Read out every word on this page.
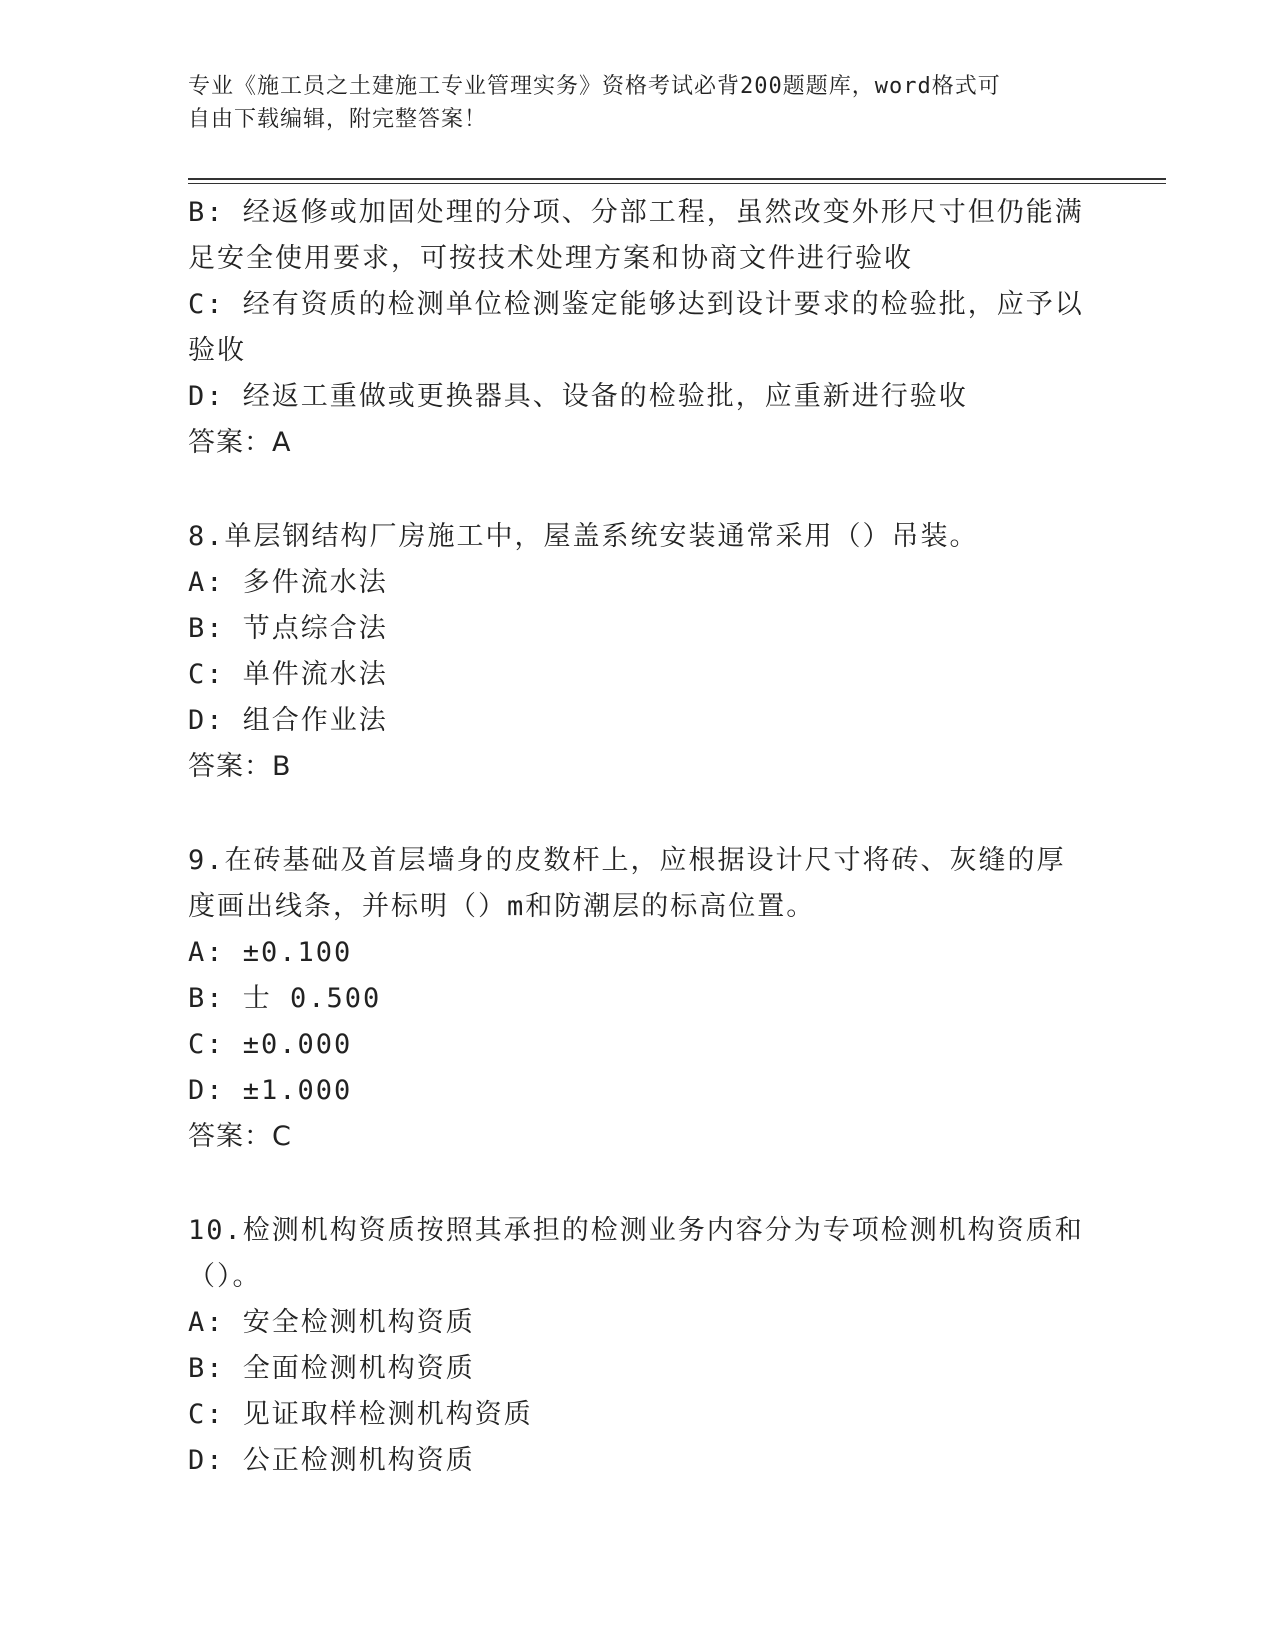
专业《施工员之土建施工专业管理实务》资格考试必背200题题库，word格式可
自由下载编辑，附完整答案！
B: 经返修或加固处理的分项、分部工程，虽然改变外形尺寸但仍能满
足安全使用要求，可按技术处理方案和协商文件进行验收
C: 经有资质的检测单位检测鉴定能够达到设计要求的检验批，应予以
验收
D: 经返工重做或更换器具、设备的检验批，应重新进行验收
答案：A
8.单层钢结构厂房施工中，屋盖系统安装通常采用（）吊装。
A: 多件流水法
B: 节点综合法
C: 单件流水法
D: 组合作业法
答案：B
9.在砖基础及首层墙身的皮数杆上，应根据设计尺寸将砖、灰缝的厚
度画出线条，并标明（）m和防潮层的标高位置。
A: ±0.100
B: 士 0.500
C: ±0.000
D: ±1.000
答案：C
10.检测机构资质按照其承担的检测业务内容分为专项检测机构资质和
（）。
A: 安全检测机构资质
B: 全面检测机构资质
C: 见证取样检测机构资质
D: 公正检测机构资质
